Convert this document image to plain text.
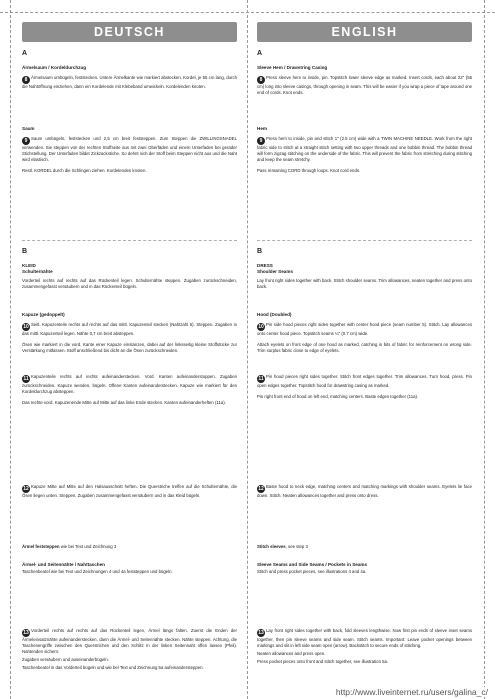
DEUTSCH
A
Ärmelsaum / Kordeldurchzug
8 Ärmelsaum umbügeln, feststecken. Untere Ärmelkante wie markiert abstecken. Kordel, je 55 cm lang, durch die Nahtöffnung einziehen, dann ein Kordelende mit Klebeband umwickeln. Kordelenden knoten.
Saum
9 Saum umbügeln, feststecken und 2,5 cm breit feststeppen. Zum Steppen die ZWILLINGSNADEL verwenden. Sie steppen von der rechten Stoffseite aus mit zwei Oberfäden und einem Unterfaden bei gerader Stichstellung. Der Unterfaden bildet Zickzackstiche. So dehnt sich der Stoff beim Steppen nicht aus und die Naht wird elastisch.
Restl. KORDEL durch die Schlingen ziehen. Kordelenden knoten.
B
KLEID
Schulternähte
Vorderteil rechts auf rechts auf das Rückenteil legen. Schulternähte steppen. Zugaben zurückschneiden, zusammengefasst versäubern und in das Rückenteil bügeln.
Kapuze (gedoppelt)
10 Seitl. Kapuzenteile rechts auf rechts auf das mittl. Kapuzenteil stecken (Nahtzahl 5). Steppen. Zugaben in das mittl. Kapuzenteil legen. Nähte 0,7 cm breit absteppen.
Ösen wie markiert in die vord. Kante einer Kapuze einstanzen, dabei auf der linksseitig kleine Stoffstücke zur Verstärkung mitfassen. Stoff anschließend bis dicht an die Ösen zurückschneiden.
11 Kapuzenteile rechts auf rechts aufeinanderstecken. Vord. Kanten aufeinanderstoppen. Zugaben zurückschneiden. Kapuze wenden, bügeln. Offene Kanten aufeinanderstecken. Kapuze wie markiert für den Kordeldurchzug absteppen.
Das rechte vord. Kapuzenende Mitte auf Mitte auf das linke Ende stecken. Kanten aufeinanderheften (11a).
12 Kapuze Mitte auf Mitte auf den Halsausschnitt heften. Die Querstriche treffen auf die Schulternähte, die Ösen liegen unten. Steppen. Zugaben zusammengefasst versäubern und in das Kleid bügeln.
Ärmel feststeppen wie bei Text und Zeichnung 3
Ärmel- und Seitennähte / Nahttaschen
Taschenbeutel wie bei Text und Zeichnungen 4 und 4a feststeppen und bügeln.
13 Vorderteil rechts auf rechts auf das Rückenteil legen, Ärmel längs falten. Zuerst die Enden der Ärmeleinsatznähte aufeinanderstecken, dann die Ärmel- und Seitennähte stecken. Nähte steppen. Achtung, die Taschenengriffe zwischen den Querstrichen und den Schlitz in der linken Seitennaht offen lassen (Pfeil). Nahtenden sichern.
Zugaben versäubern und auseinanderbügeln.
Taschenbeutel in das Vorderteil bügeln und wie bei Text und Zeichnung 5a aufeinandersteppen.
ENGLISH
A
Sleeve Hem / Drawstring Casing
8 Press sleeve hem to inside, pin. Topstitch lower sleeve edge as marked. Insert cords, each about 22" (55 cm) long into sleeve casings, through opening in seam. This will be easier if you wrap a piece of tape around one end of cords. Knot ends.
Hem
9 Press hem to inside, pin and stitch 1" (2.5 cm) wide with a TWIN MACHINE NEEDLE. Work from the right fabric side to stitch at a straight stitch setting with two upper threads and one bobbin thread. The bobbin thread will form zigzag stitching on the underside of the fabric. This will prevent the fabric from stretching during stitching and keep the seam stretchy.
Pass remaining CORD through loops. Knot cord ends.
B
DRESS
Shoulder Seams
Lay front right sides together with back. Stitch shoulder seams. Trim allowances, neaten together and press onto back.
Hood (Doubled)
10 Pin side hood pieces right sides together with center hood piece (seam number 5). Stitch. Lay allowances onto center hood piece. Topstitch seams ¼" (0.7 cm) wide.
Attach eyelets on front edge of one hood as marked, catching in bits of fabric for reinforcement on wrong side. Trim surplus fabric close to edge of eyelets.
11 Pin hood pieces right sides together. Stitch front edges together. Trim allowances. Turn hood, press. Pin open edges together. Topstitch hood for drawstring casing as marked.
Pin right front end of hood on left end, matching centers. Baste edges together (11a).
12 Baste hood to neck edge, matching centers and matching markings with shoulder seams. Eyelets lie face down. Stitch. Neaten allowances together and press onto dress.
Stitch sleeves, see step 3
Sleeve Seams and Side Seams / Pockets in Seams
Stitch and press pocket pieces, see illustrations 4 and 4a.
13 Lay front right sides together with back, fold sleeves lengthwise. Now first pin ends of sleeve inset seams together, then pin sleeve seams and side seam. Stitch seams. Important: Leave pocket openings between markings and slit in left side seam open (arrow). Backstitch to secure ends of stitching.
Neaten allowances and press open.
Press pocket pieces onto front and stitch together, see illustration 5a.
http://www.liveinternet.ru/users/galina_c/
